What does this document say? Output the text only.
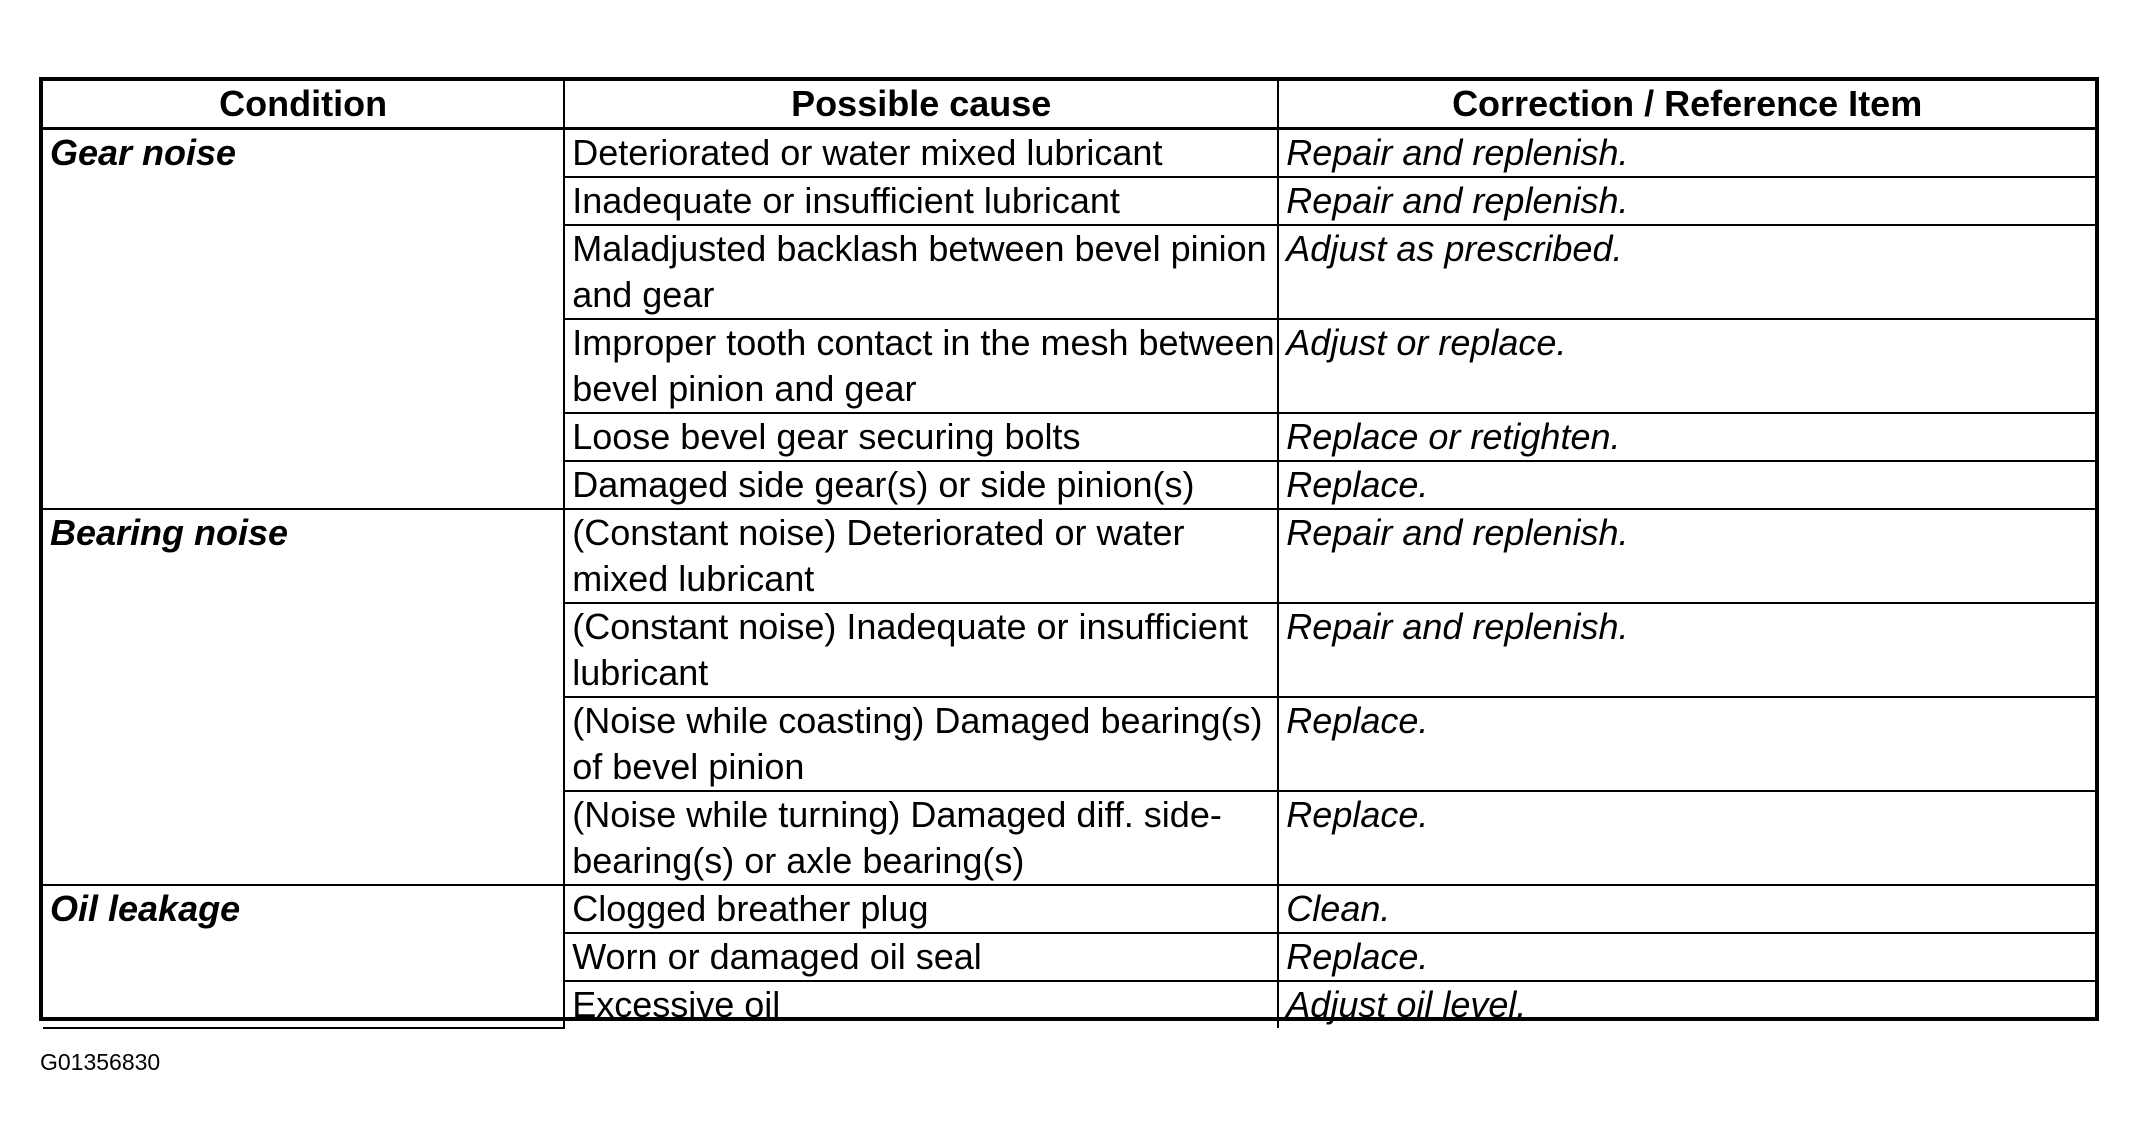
Condition	Possible cause	Correction / Reference Item
Gear noise	Deteriorated or water mixed lubricant	Repair and replenish.
	Inadequate or insufficient lubricant	Repair and replenish.
	Maladjusted backlash between bevel pinion and gear	Adjust as prescribed.
	Improper tooth contact in the mesh between bevel pinion and gear	Adjust or replace.
	Loose bevel gear securing bolts	Replace or retighten.
	Damaged side gear(s) or side pinion(s)	Replace.
Bearing noise	(Constant noise) Deteriorated or water mixed lubricant	Repair and replenish.
	(Constant noise) Inadequate or insufficient lubricant	Repair and replenish.
	(Noise while coasting) Damaged bearing(s) of bevel pinion	Replace.
	(Noise while turning) Damaged diff. side-bearing(s) or axle bearing(s)	Replace.
Oil leakage	Clogged breather plug	Clean.
	Worn or damaged oil seal	Replace.
	Excessive oil	Adjust oil level.
G01356830
